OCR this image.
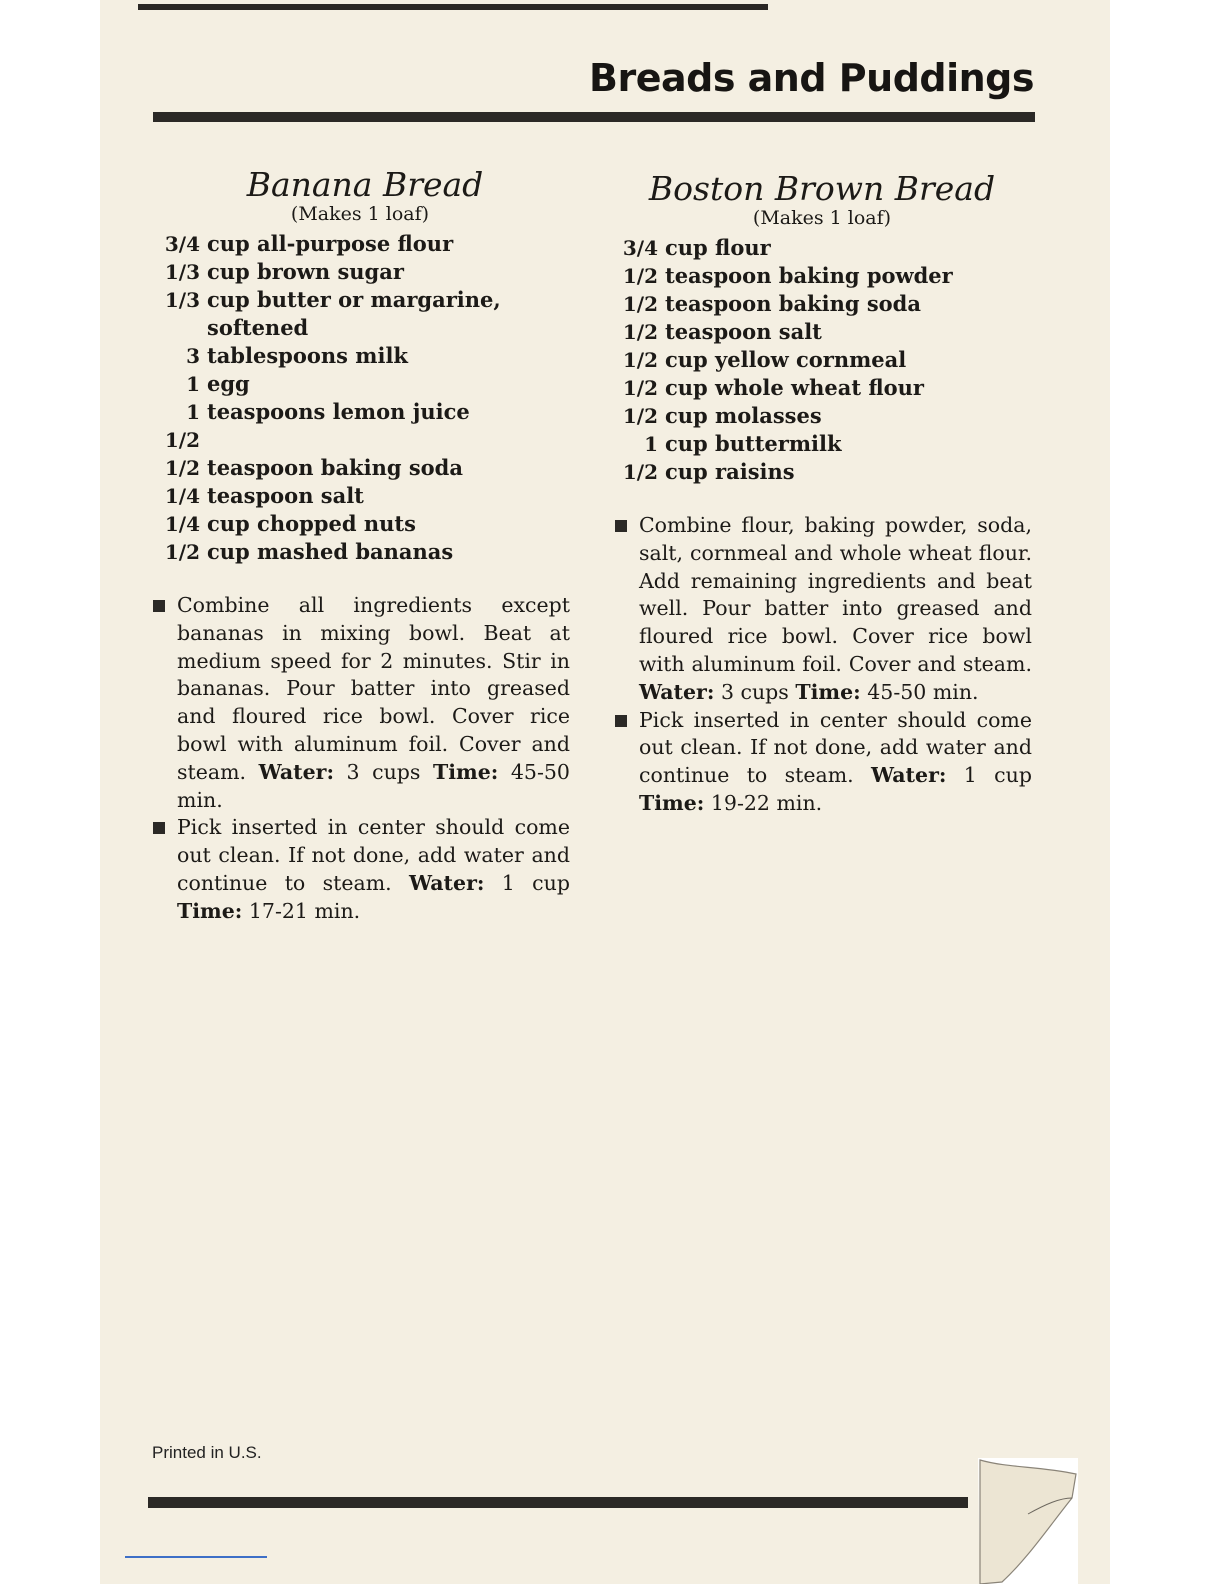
Breads and Puddings
Banana Bread
(Makes 1 loaf)
3/4 cup all-purpose flour
1/3 cup brown sugar
1/3 cup butter or margarine, softened
3 tablespoons milk
1 egg
1 1/2
teaspoons lemon juice
1/2 teaspoon baking soda
1/4 teaspoon salt
1/4 cup chopped nuts
1/2 cup mashed bananas
Combine all ingredients except bananas in mixing bowl. Beat at medium speed for 2 minutes. Stir in bananas. Pour batter into greased and floured rice bowl. Cover rice bowl with aluminum foil. Cover and steam. Water: 3 cups Time: 45-50 min.
Pick inserted in center should come out clean. If not done, add water and continue to steam. Water: 1 cup Time: 17-21 min.
Boston Brown Bread
(Makes 1 loaf)
3/4 cup flour
1/2 teaspoon baking powder
1/2 teaspoon baking soda
1/2 teaspoon salt
1/2 cup yellow cornmeal
1/2 cup whole wheat flour
1/2 cup molasses
1 cup buttermilk
1/2 cup raisins
Combine flour, baking powder, soda, salt, cornmeal and whole wheat flour. Add remaining ingredients and beat well. Pour batter into greased and floured rice bowl. Cover rice bowl with aluminum foil. Cover and steam. Water: 3 cups Time: 45-50 min.
Pick inserted in center should come out clean. If not done, add water and continue to steam. Water: 1 cup Time: 19-22 min.
Printed in U.S.
